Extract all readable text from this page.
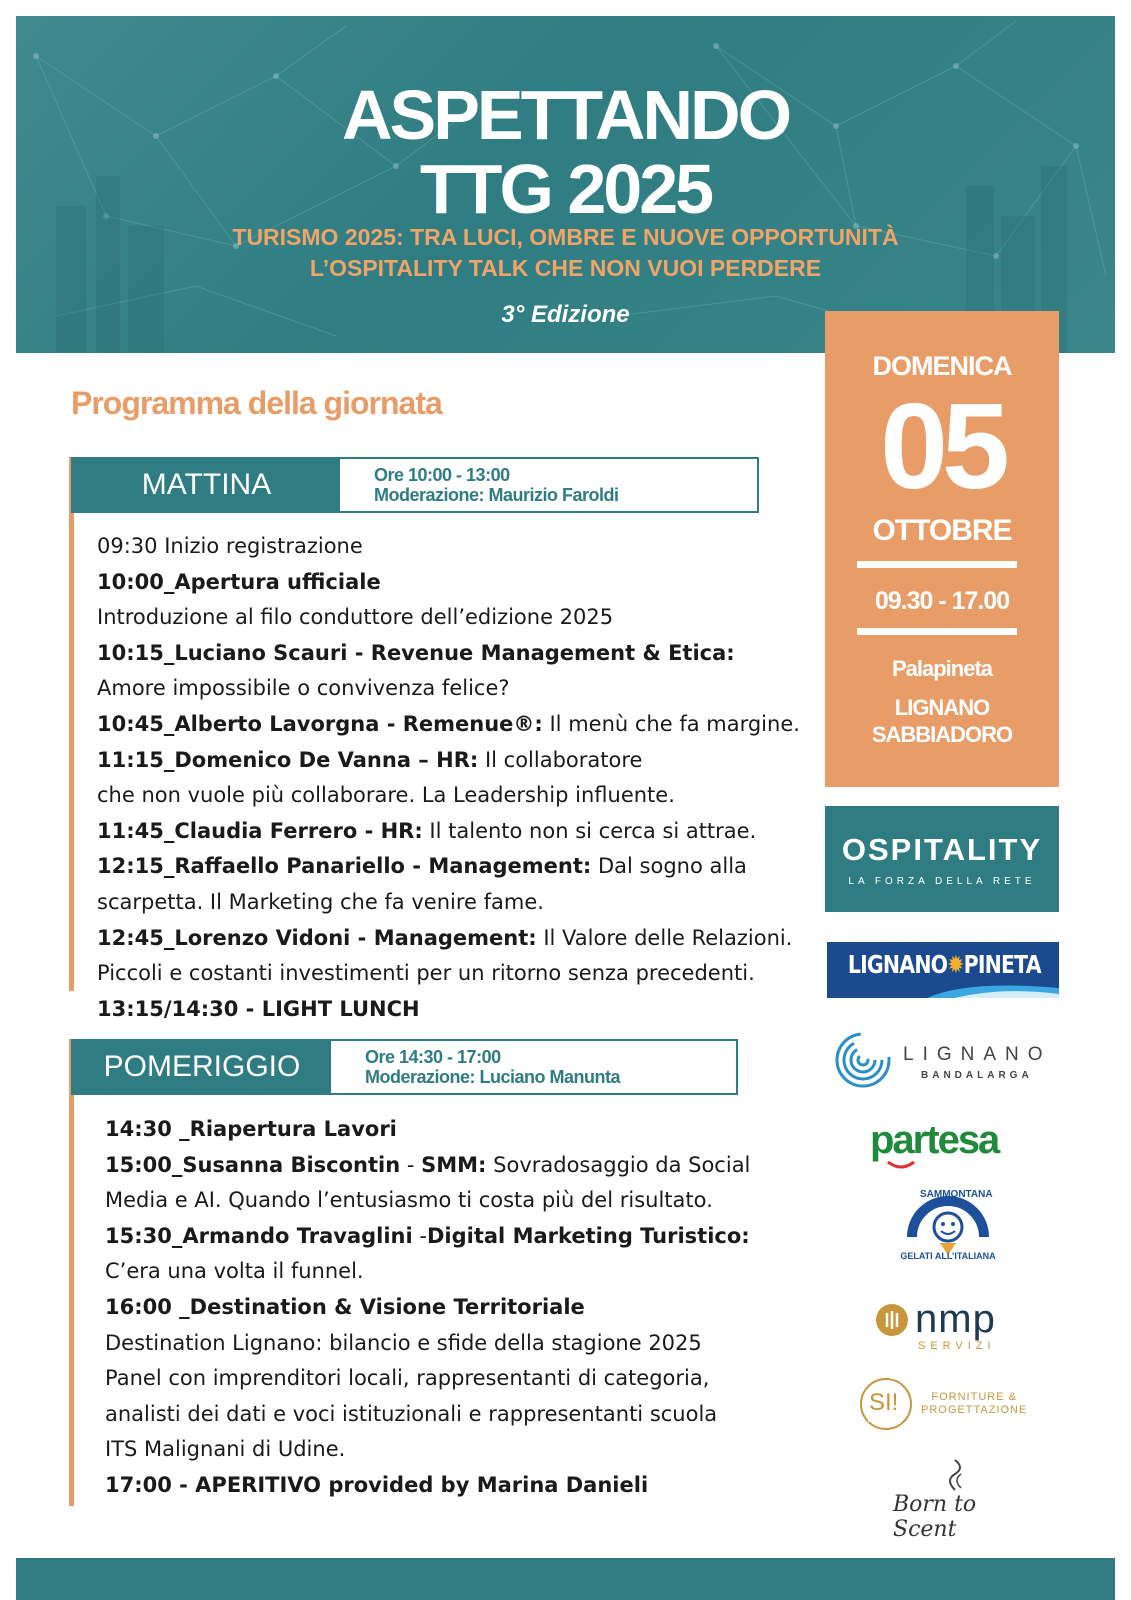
ASPETTANDO
TTG 2025
TURISMO 2025: TRA LUCI, OMBRE E NUOVE OPPORTUNITÀ
L’OSPITALITY TALK CHE NON VUOI PERDERE
3° Edizione
DOMENICA
05
OTTOBRE
09.30 - 17.00
Palapineta
LIGNANO
SABBIADORO
Programma della giornata
MATTINA	Ore 10:00 - 13:00
Moderazione: Maurizio Faroldi
09:30 Inizio registrazione
10:00_Apertura ufficiale
Introduzione al filo conduttore dell’edizione 2025
10:15_Luciano Scauri - Revenue Management & Etica:
Amore impossibile o convivenza felice?
10:45_Alberto Lavorgna - Remenue®: Il menù che fa margine.
11:15_Domenico De Vanna – HR: Il collaboratore
che non vuole più collaborare. La Leadership influente.
11:45_Claudia Ferrero - HR: Il talento non si cerca si attrae.
12:15_Raffaello Panariello - Management: Dal sogno alla
scarpetta. Il Marketing che fa venire fame.
12:45_Lorenzo Vidoni - Management: Il Valore delle Relazioni.
Piccoli e costanti investimenti per un ritorno senza precedenti.
13:15/14:30 - LIGHT LUNCH
POMERIGGIO	Ore 14:30 - 17:00
Moderazione: Luciano Manunta
14:30 _Riapertura Lavori
15:00_Susanna Biscontin - SMM: Sovradosaggio da Social
Media e AI. Quando l’entusiasmo ti costa più del risultato.
15:30_Armando Travaglini -Digital Marketing Turistico:
C’era una volta il funnel.
16:00 _Destination & Visione Territoriale
Destination Lignano: bilancio e sfide della stagione 2025
Panel con imprenditori locali, rappresentanti di categoria,
analisti dei dati e voci istituzionali e rappresentanti scuola
ITS Malignani di Udine.
17:00 - APERITIVO provided by Marina Danieli
OSPITALITY
LA FORZA DELLA RETE
LIGNANO✹PINETA
LIGNANO
BANDALARGA
partesa
GELATI ALL’ITALIANA
SAMMONTANA
nmp
SERVIZI
SI!	FORNITURE &
PROGETTAZIONE
Born to Scent
